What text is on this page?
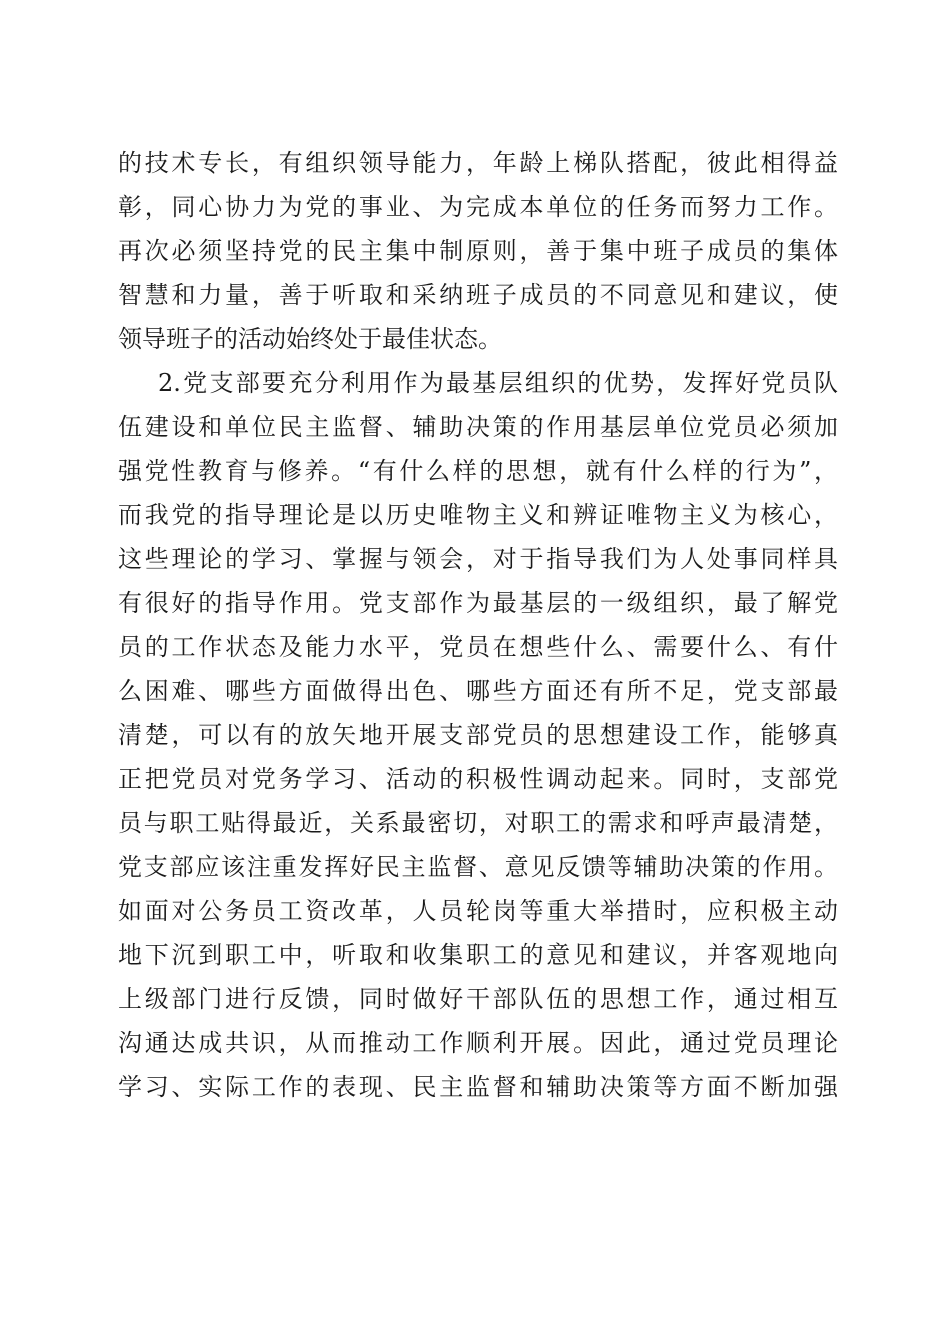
的技术专长，有组织领导能力，年龄上梯队搭配，彼此相得益
彰，同心协力为党的事业、为完成本单位的任务而努力工作。
再次必须坚持党的民主集中制原则，善于集中班子成员的集体
智慧和力量，善于听取和采纳班子成员的不同意见和建议，使
领导班子的活动始终处于最佳状态。
2.党支部要充分利用作为最基层组织的优势，发挥好党员队
伍建设和单位民主监督、辅助决策的作用基层单位党员必须加
强党性教育与修养。“有什么样的思想，就有什么样的行为”，
而我党的指导理论是以历史唯物主义和辨证唯物主义为核心，
这些理论的学习、掌握与领会，对于指导我们为人处事同样具
有很好的指导作用。党支部作为最基层的一级组织，最了解党
员的工作状态及能力水平，党员在想些什么、需要什么、有什
么困难、哪些方面做得出色、哪些方面还有所不足，党支部最
清楚，可以有的放矢地开展支部党员的思想建设工作，能够真
正把党员对党务学习、活动的积极性调动起来。同时，支部党
员与职工贴得最近，关系最密切，对职工的需求和呼声最清楚，
党支部应该注重发挥好民主监督、意见反馈等辅助决策的作用。
如面对公务员工资改革，人员轮岗等重大举措时，应积极主动
地下沉到职工中，听取和收集职工的意见和建议，并客观地向
上级部门进行反馈，同时做好干部队伍的思想工作，通过相互
沟通达成共识，从而推动工作顺利开展。因此，通过党员理论
学习、实际工作的表现、民主监督和辅助决策等方面不断加强
